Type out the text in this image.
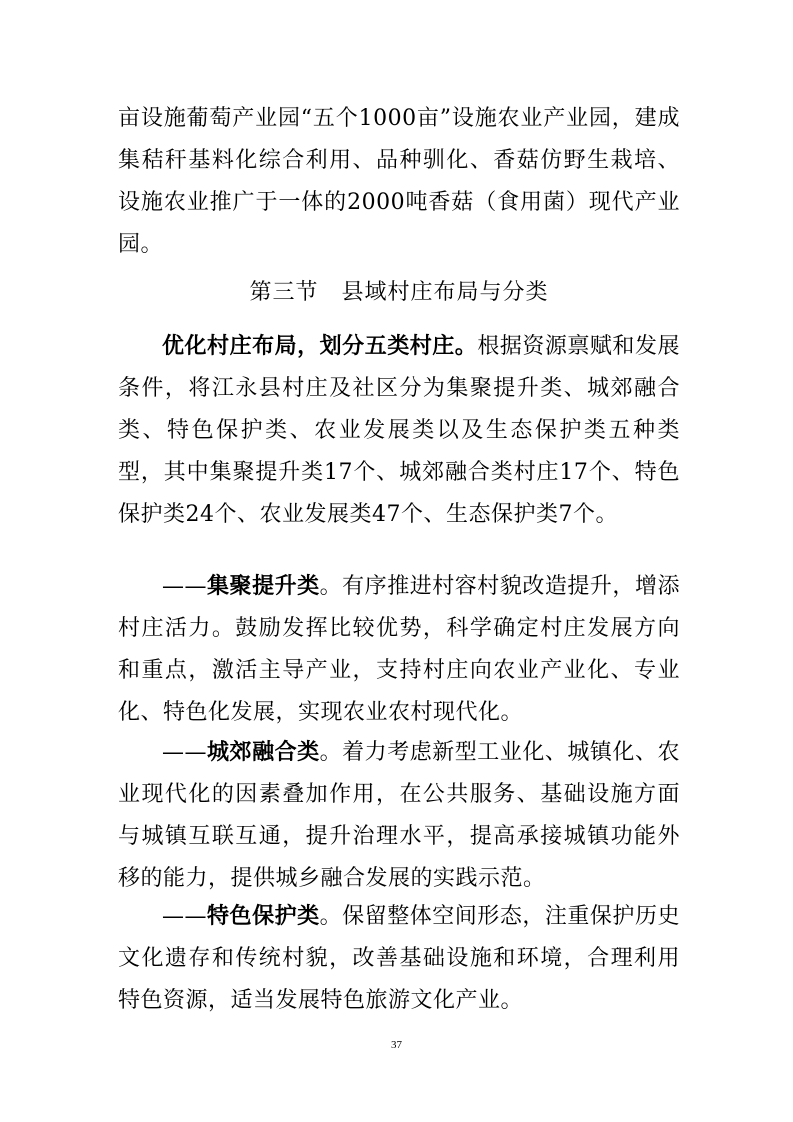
亩设施葡萄产业园“五个1000亩”设施农业产业园，建成集秸秆基料化综合利用、品种驯化、香菇仿野生栽培、设施农业推广于一体的2000吨香菇（食用菌）现代产业园。

第三节　县域村庄布局与分类

优化村庄布局，划分五类村庄。根据资源禀赋和发展条件，将江永县村庄及社区分为集聚提升类、城郊融合类、特色保护类、农业发展类以及生态保护类五种类型，其中集聚提升类17个、城郊融合类村庄17个、特色保护类24个、农业发展类47个、生态保护类7个。

——集聚提升类。有序推进村容村貌改造提升，增添村庄活力。鼓励发挥比较优势，科学确定村庄发展方向和重点，激活主导产业，支持村庄向农业产业化、专业化、特色化发展，实现农业农村现代化。

——城郊融合类。着力考虑新型工业化、城镇化、农业现代化的因素叠加作用，在公共服务、基础设施方面与城镇互联互通，提升治理水平，提高承接城镇功能外移的能力，提供城乡融合发展的实践示范。

——特色保护类。保留整体空间形态，注重保护历史文化遗存和传统村貌，改善基础设施和环境，合理利用特色资源，适当发展特色旅游文化产业。

37
